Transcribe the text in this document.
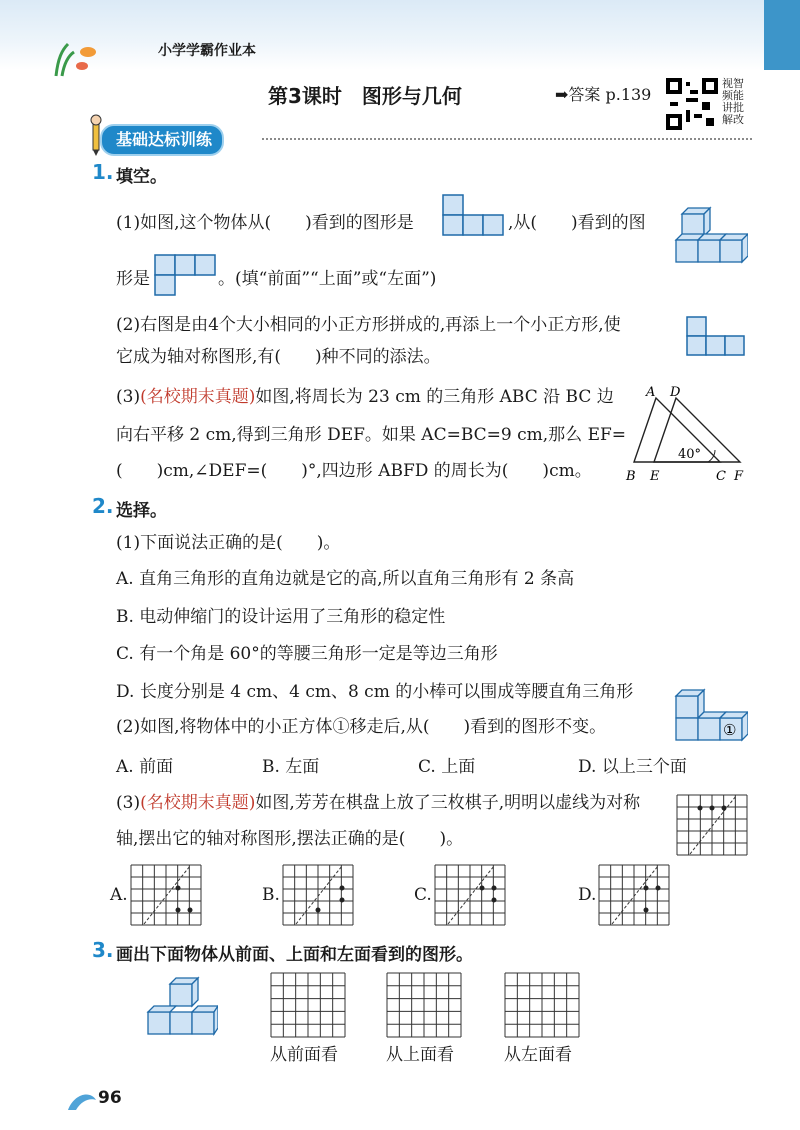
小学学霸作业本
第3课时　图形与几何	➡答案 p.139
视智频能讲批解改
基础达标训练
1. 填空。
(1)如图,这个物体从(　　)看到的图形是	,从(　　)看到的图
形是	。(填“前面”“上面”或“左面”)
(2)右图是由4个大小相同的小正方形拼成的,再添上一个小正方形,使
它成为轴对称图形,有(　　)种不同的添法。
(3)(名校期末真题)如图,将周长为 23 cm 的三角形 ABC 沿 BC 边
向右平移 2 cm,得到三角形 DEF。如果 AC=BC=9 cm,那么 EF=
(　　)cm,∠DEF=(　　)°,四边形 ABFD 的周长为(　　)cm。
A D
B E	C F
40°
2. 选择。
(1)下面说法正确的是(　　)。
A. 直角三角形的直角边就是它的高,所以直角三角形有 2 条高
B. 电动伸缩门的设计运用了三角形的稳定性
C. 有一个角是 60°的等腰三角形一定是等边三角形
D. 长度分别是 4 cm、4 cm、8 cm 的小棒可以围成等腰直角三角形
(2)如图,将物体中的小正方体①移走后,从(　　)看到的图形不变。	①
A. 前面	B. 左面	C. 上面	D. 以上三个面
(3)(名校期末真题)如图,芳芳在棋盘上放了三枚棋子,明明以虚线为对称
轴,摆出它的轴对称图形,摆法正确的是(　　)。
A.	B.	C.	D.
3. 画出下面物体从前面、上面和左面看到的图形。
从前面看	从上面看	从左面看
96
